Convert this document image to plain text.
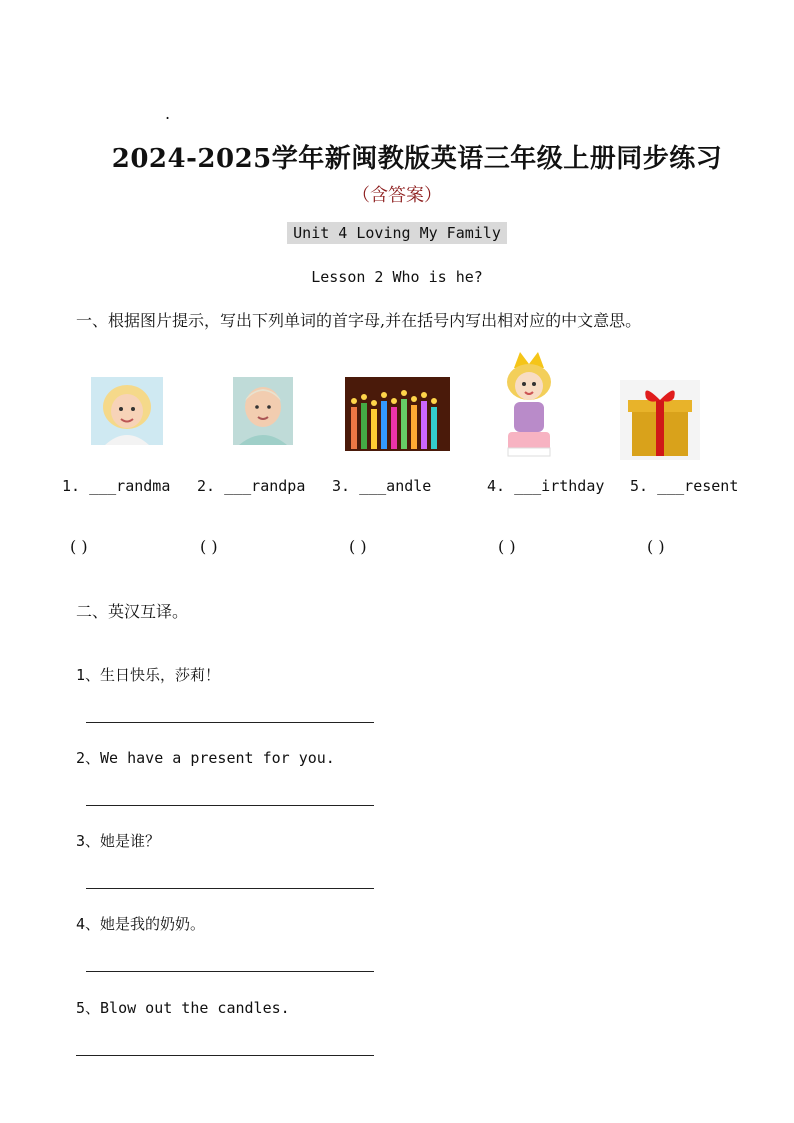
.
2024-2025学年新闽教版英语三年级上册同步练习
（含答案）
Unit 4 Loving My Family
Lesson 2 Who is he?
一、根据图片提示，写出下列单词的首字母,并在括号内写出相对应的中文意思。
1. ___randma 2. ___randpa 3. ___andle	4. ___irthday 5. ___resent
( )	( )	( )	( )	( )
二、英汉互译。
1、生日快乐，莎莉！
2、We have a present for you.
3、她是谁？
4、她是我的奶奶。
5、Blow out the candles.
